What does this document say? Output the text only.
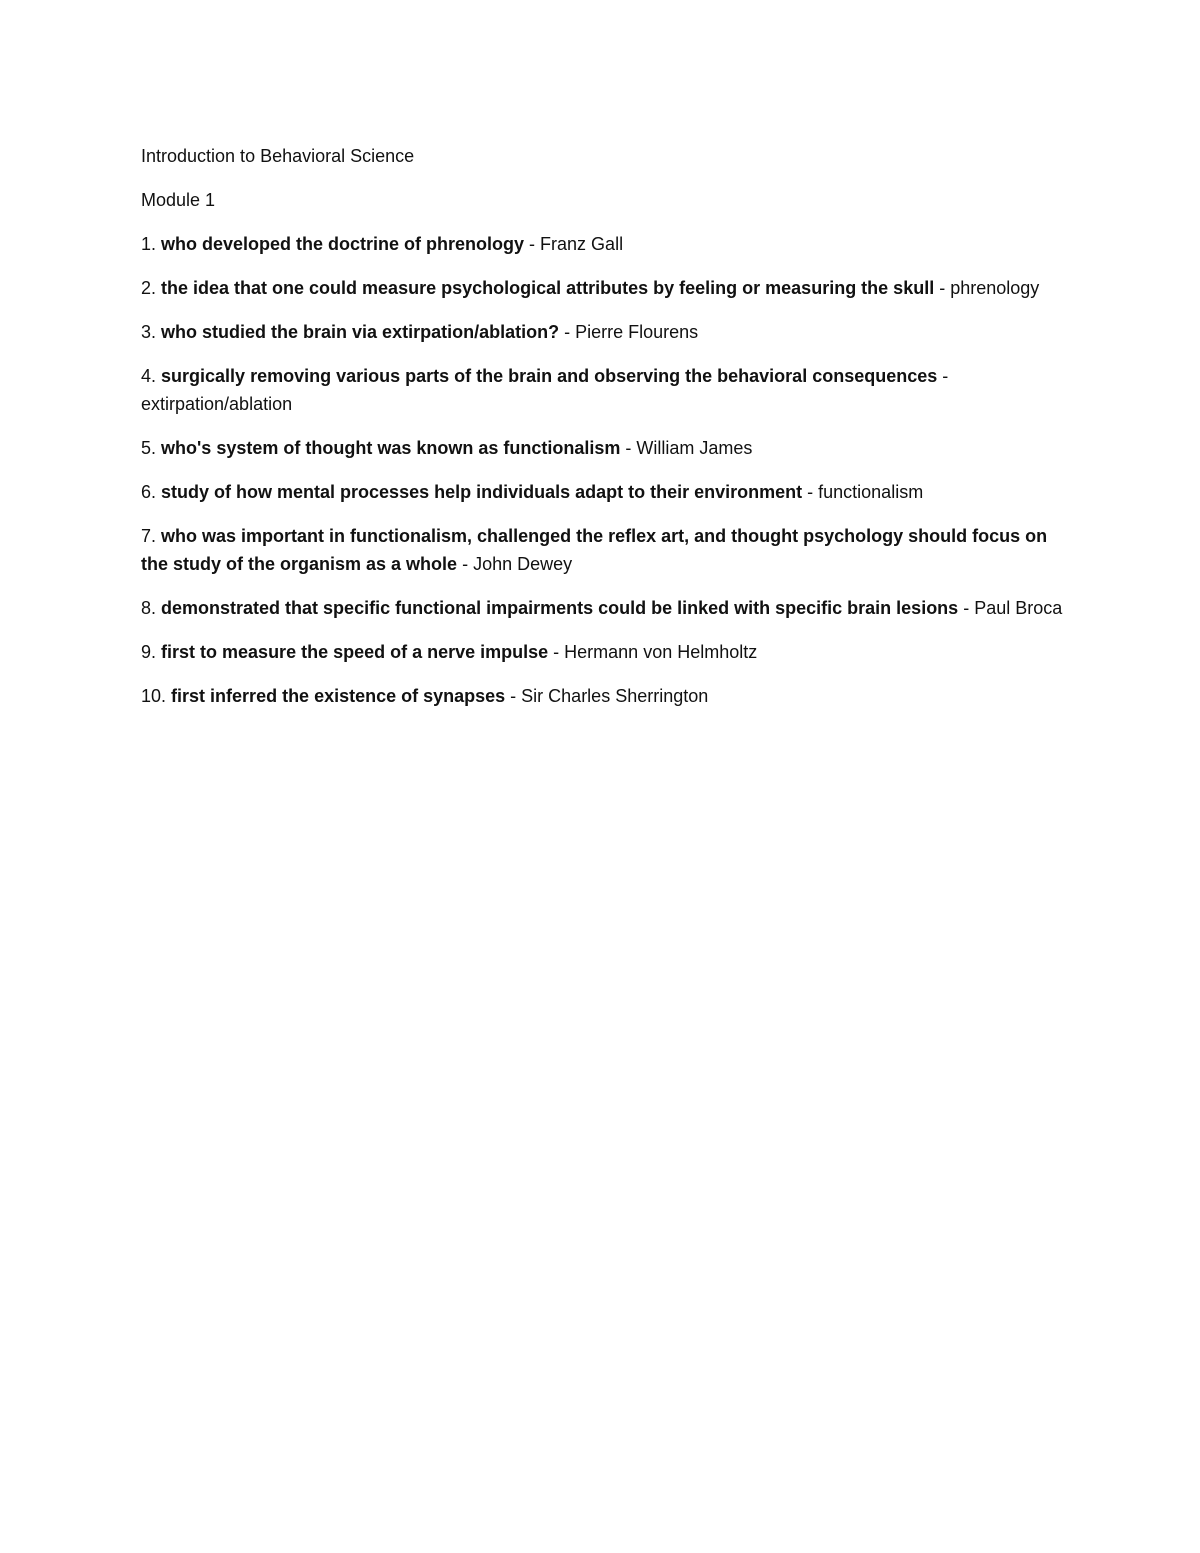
Introduction to Behavioral Science

Module 1

1. who developed the doctrine of phrenology - Franz Gall

2. the idea that one could measure psychological attributes by feeling or measuring the skull - phrenology

3. who studied the brain via extirpation/ablation? - Pierre Flourens

4. surgically removing various parts of the brain and observing the behavioral consequences - extirpation/ablation

5. who's system of thought was known as functionalism - William James

6. study of how mental processes help individuals adapt to their environment - functionalism

7. who was important in functionalism, challenged the reflex art, and thought psychology should focus on the study of the organism as a whole - John Dewey

8. demonstrated that specific functional impairments could be linked with specific brain lesions - Paul Broca

9. first to measure the speed of a nerve impulse - Hermann von Helmholtz

10. first inferred the existence of synapses - Sir Charles Sherrington
